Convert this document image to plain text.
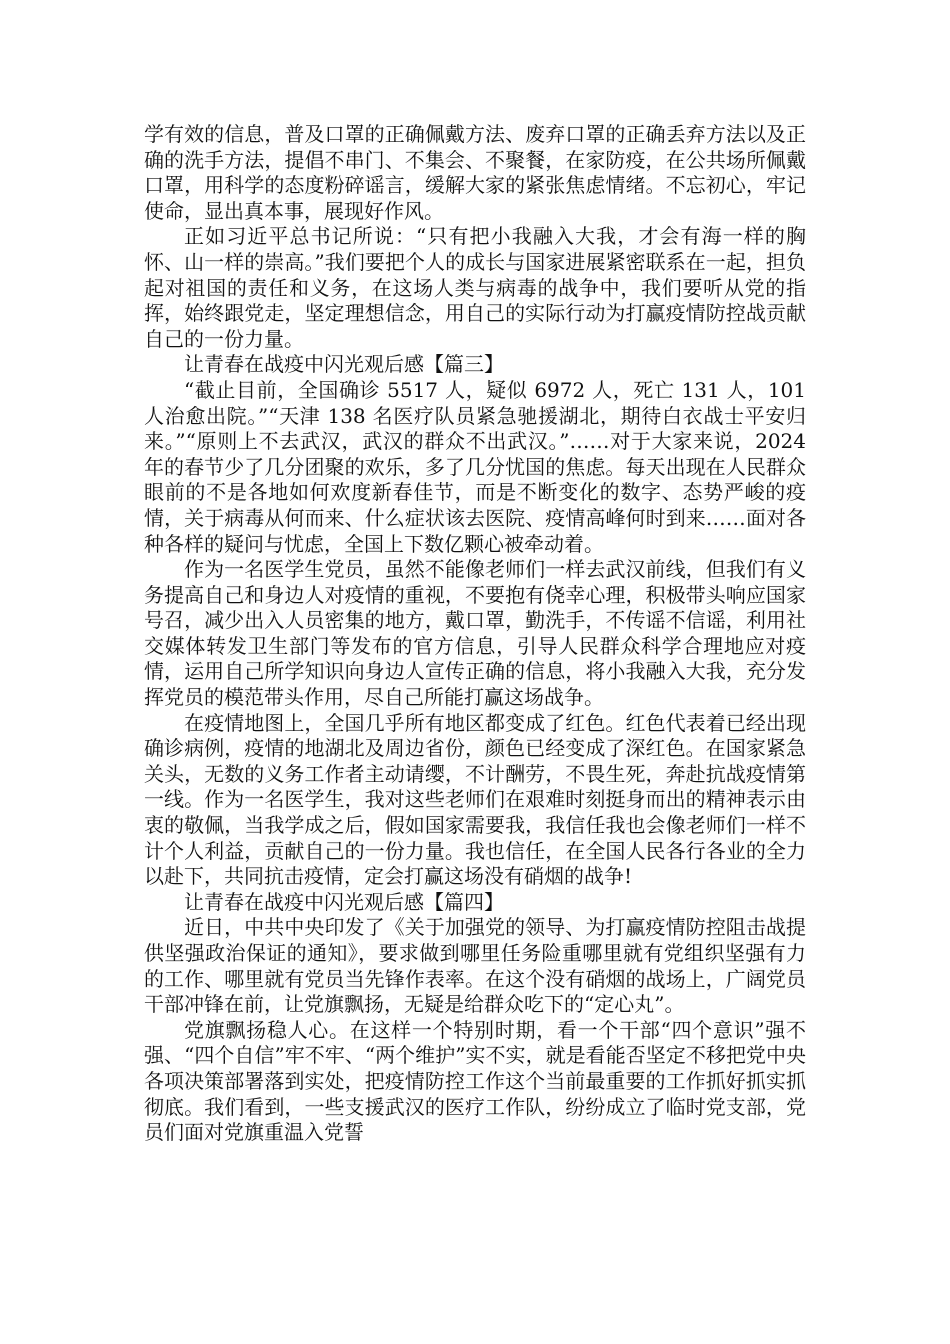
学有效的信息，普及口罩的正确佩戴方法、废弃口罩的正确丢弃方法以及正确的洗手方法，提倡不串门、不集会、不聚餐，在家防疫，在公共场所佩戴口罩，用科学的态度粉碎谣言，缓解大家的紧张焦虑情绪。不忘初心，牢记使命，显出真本事，展现好作风。

正如习近平总书记所说：“只有把小我融入大我，才会有海一样的胸怀、山一样的崇高。”我们要把个人的成长与国家进展紧密联系在一起，担负起对祖国的责任和义务，在这场人类与病毒的战争中，我们要听从党的指挥，始终跟党走，坚定理想信念，用自己的实际行动为打赢疫情防控战贡献自己的一份力量。

让青春在战疫中闪光观后感【篇三】

“截止目前，全国确诊 5517 人，疑似 6972 人，死亡 131 人，101 人治愈出院。”“天津 138 名医疗队员紧急驰援湖北，期待白衣战士平安归来。”“原则上不去武汉，武汉的群众不出武汉。”……对于大家来说，2024 年的春节少了几分团聚的欢乐，多了几分忧国的焦虑。每天出现在人民群众眼前的不是各地如何欢度新春佳节，而是不断变化的数字、态势严峻的疫情，关于病毒从何而来、什么症状该去医院、疫情高峰何时到来……面对各种各样的疑问与忧虑，全国上下数亿颗心被牵动着。

作为一名医学生党员，虽然不能像老师们一样去武汉前线，但我们有义务提高自己和身边人对疫情的重视，不要抱有侥幸心理，积极带头响应国家号召，减少出入人员密集的地方，戴口罩，勤洗手，不传谣不信谣，利用社交媒体转发卫生部门等发布的官方信息，引导人民群众科学合理地应对疫情，运用自己所学知识向身边人宣传正确的信息，将小我融入大我，充分发挥党员的模范带头作用，尽自己所能打赢这场战争。

在疫情地图上，全国几乎所有地区都变成了红色。红色代表着已经出现确诊病例，疫情的地湖北及周边省份，颜色已经变成了深红色。在国家紧急关头，无数的义务工作者主动请缨，不计酬劳，不畏生死，奔赴抗战疫情第一线。作为一名医学生，我对这些老师们在艰难时刻挺身而出的精神表示由衷的敬佩，当我学成之后，假如国家需要我，我信任我也会像老师们一样不计个人利益，贡献自己的一份力量。我也信任，在全国人民各行各业的全力以赴下，共同抗击疫情，定会打赢这场没有硝烟的战争!

让青春在战疫中闪光观后感【篇四】

近日，中共中央印发了《关于加强党的领导、为打赢疫情防控阻击战提供坚强政治保证的通知》，要求做到哪里任务险重哪里就有党组织坚强有力的工作、哪里就有党员当先锋作表率。在这个没有硝烟的战场上，广阔党员干部冲锋在前，让党旗飘扬，无疑是给群众吃下的“定心丸”。

党旗飘扬稳人心。在这样一个特别时期，看一个干部“四个意识”强不强、“四个自信”牢不牢、“两个维护”实不实，就是看能否坚定不移把党中央各项决策部署落到实处，把疫情防控工作这个当前最重要的工作抓好抓实抓彻底。我们看到，一些支援武汉的医疗工作队，纷纷成立了临时党支部，党员们面对党旗重温入党誓
